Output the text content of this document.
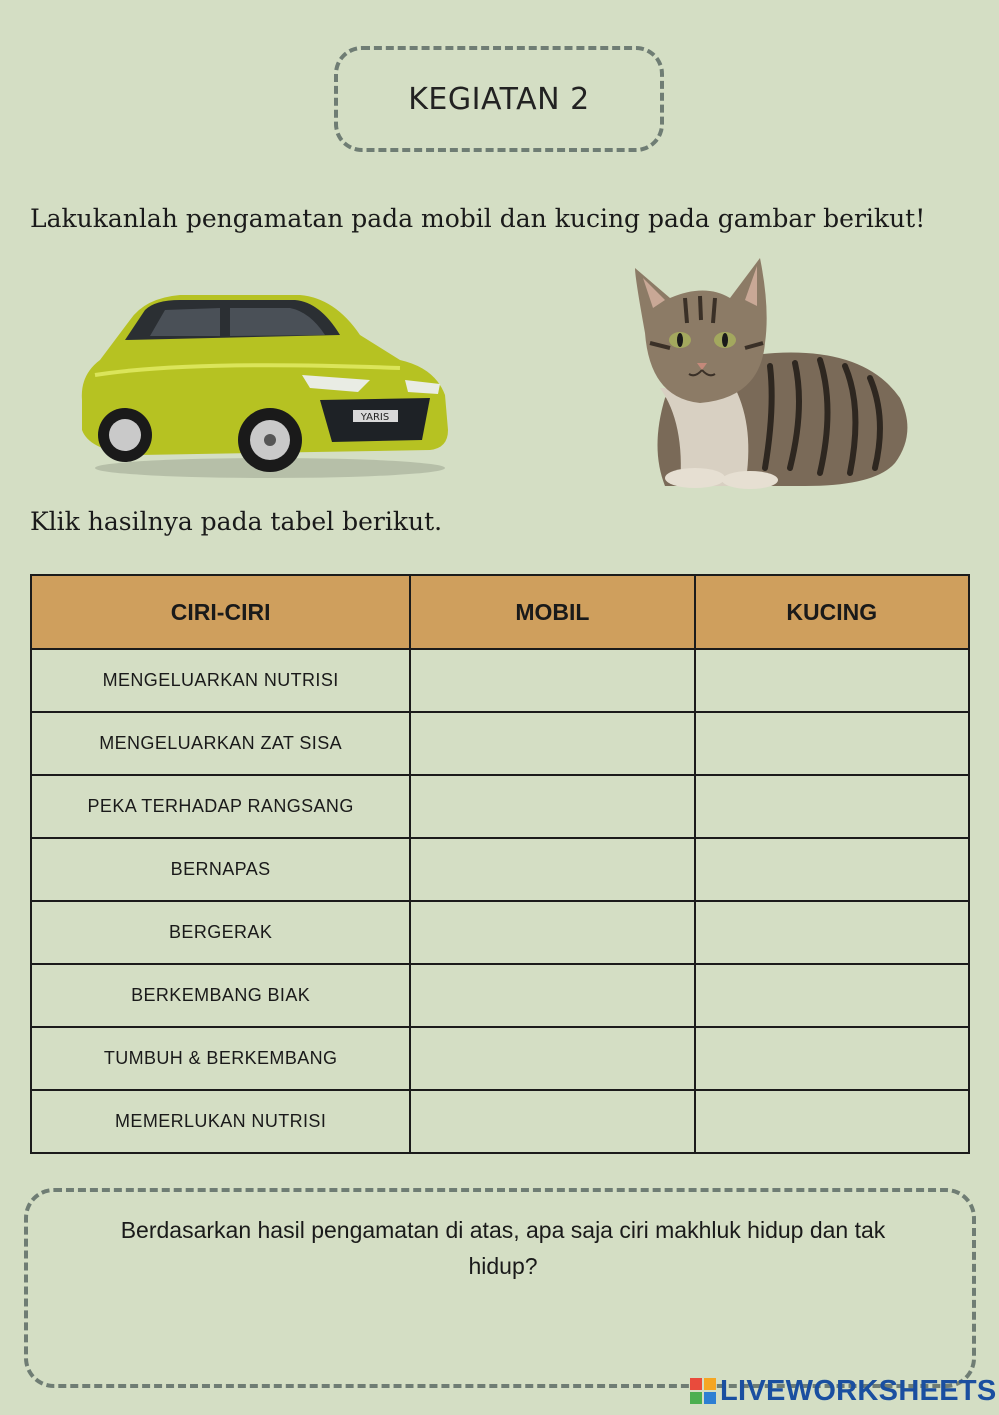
KEGIATAN 2
Lakukanlah pengamatan pada mobil dan kucing pada gambar berikut!
YARIS
Klik hasilnya pada tabel berikut.
CIRI-CIRI	MOBIL	KUCING
MENGELUARKAN NUTRISI		
MENGELUARKAN ZAT SISA		
PEKA TERHADAP RANGSANG		
BERNAPAS		
BERGERAK		
BERKEMBANG BIAK		
TUMBUH & BERKEMBANG		
MEMERLUKAN NUTRISI		
Berdasarkan hasil pengamatan di atas, apa saja ciri makhluk hidup dan tak hidup?
LIVEWORKSHEETS
